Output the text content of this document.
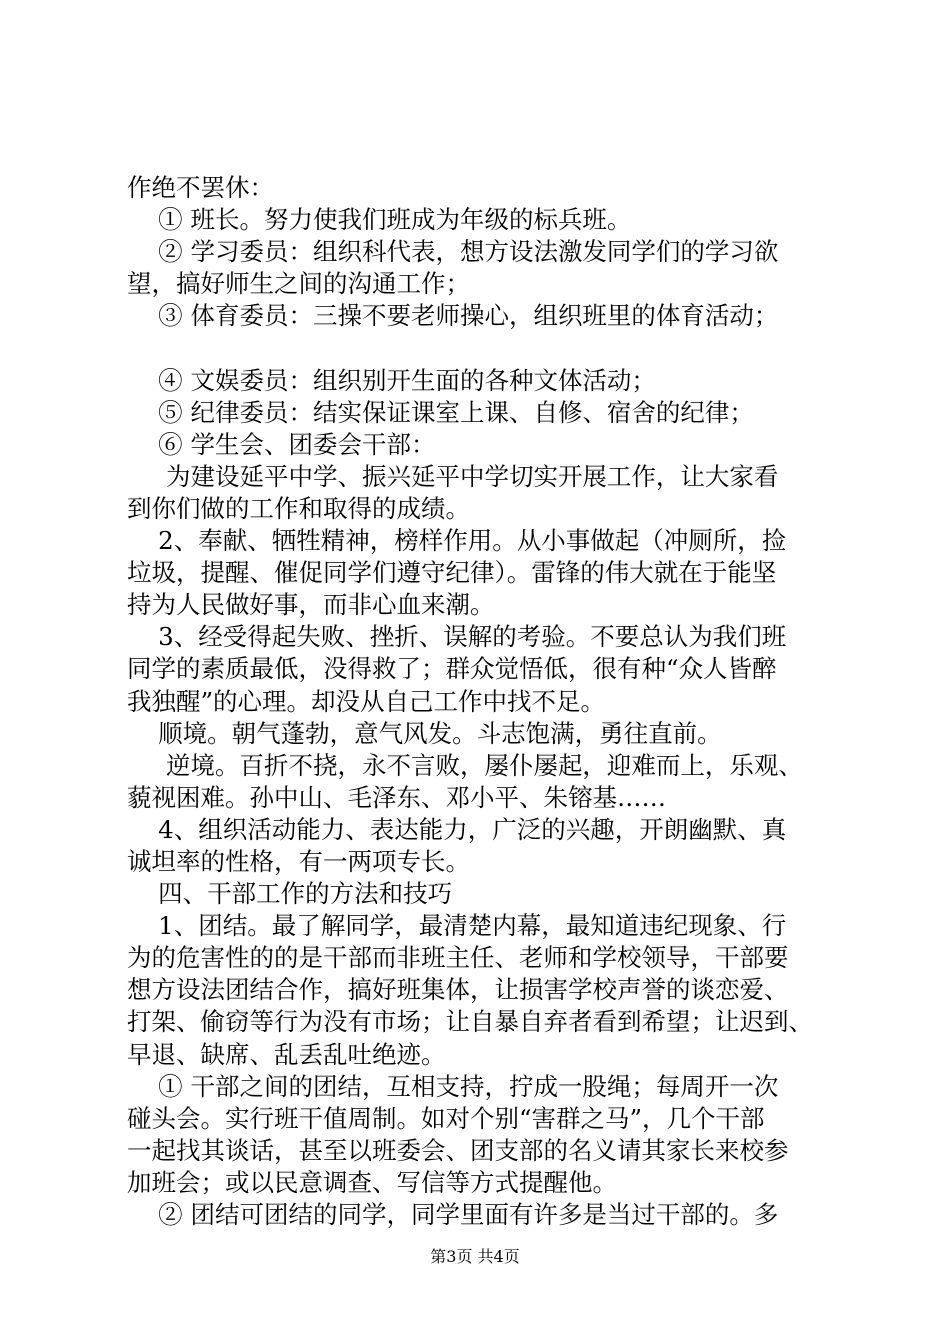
作绝不罢休：
① 班长。努力使我们班成为年级的标兵班。
② 学习委员：组织科代表，想方设法激发同学们的学习欲
望，搞好师生之间的沟通工作；
③ 体育委员：三操不要老师操心，组织班里的体育活动；
④ 文娱委员：组织别开生面的各种文体活动；
⑤ 纪律委员：结实保证课室上课、自修、宿舍的纪律；
⑥ 学生会、团委会干部：
为建设延平中学、振兴延平中学切实开展工作，让大家看
到你们做的工作和取得的成绩。
2、奉献、牺牲精神，榜样作用。从小事做起（冲厕所，捡
垃圾，提醒、催促同学们遵守纪律）。雷锋的伟大就在于能坚
持为人民做好事，而非心血来潮。
3、经受得起失败、挫折、误解的考验。不要总认为我们班
同学的素质最低，没得救了；群众觉悟低，很有种“众人皆醉
我独醒”的心理。却没从自己工作中找不足。
顺境。朝气蓬勃，意气风发。斗志饱满，勇往直前。
逆境。百折不挠，永不言败，屡仆屡起，迎难而上，乐观、
藐视困难。孙中山、毛泽东、邓小平、朱镕基……
4、组织活动能力、表达能力，广泛的兴趣，开朗幽默、真
诚坦率的性格，有一两项专长。
四、干部工作的方法和技巧
1、团结。最了解同学，最清楚内幕，最知道违纪现象、行
为的危害性的的是干部而非班主任、老师和学校领导，干部要
想方设法团结合作，搞好班集体，让损害学校声誉的谈恋爱、
打架、偷窃等行为没有市场；让自暴自弃者看到希望；让迟到、
早退、缺席、乱丢乱吐绝迹。
① 干部之间的团结，互相支持，拧成一股绳；每周开一次
碰头会。实行班干值周制。如对个别“害群之马”，几个干部
一起找其谈话，甚至以班委会、团支部的名义请其家长来校参
加班会；或以民意调查、写信等方式提醒他。
② 团结可团结的同学，同学里面有许多是当过干部的。多
第3页 共4页
